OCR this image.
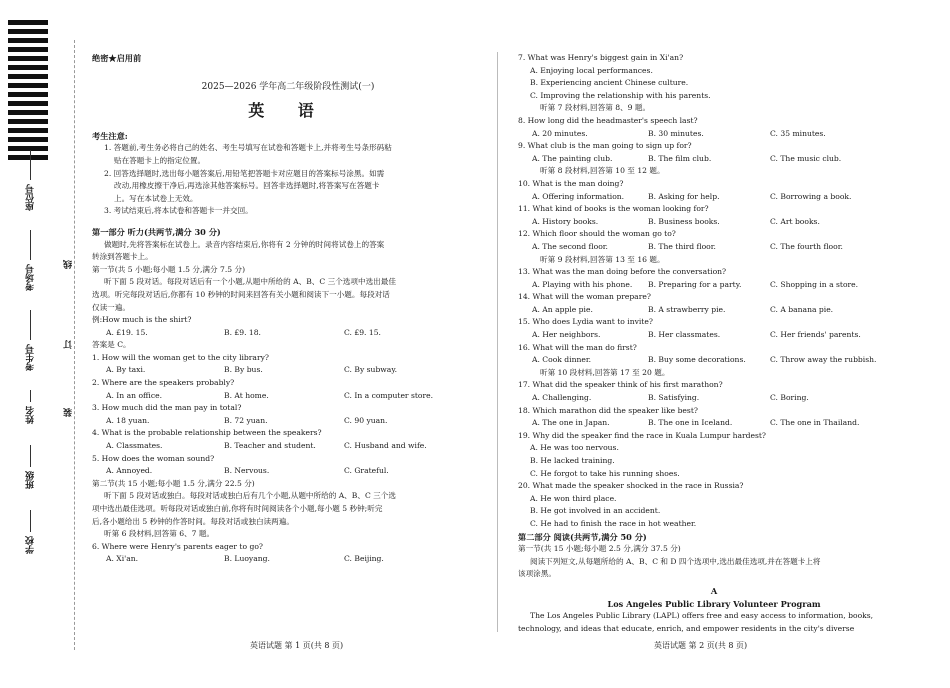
座位号
考场号
考生号
姓名
班级
学校
线
订
装

绝密★启用前

2025—2026 学年高二年级阶段性测试(一)

英 语

考生注意:

1. 答题前,考生务必将自己的姓名、考生号填写在试卷和答题卡上,并将考生号条形码粘

贴在答题卡上的指定位置。

2. 回答选择题时,选出每小题答案后,用铅笔把答题卡对应题目的答案标号涂黑。如需

改动,用橡皮擦干净后,再选涂其他答案标号。回答非选择题时,将答案写在答题卡

上。写在本试卷上无效。

3. 考试结束后,将本试卷和答题卡一并交回。

第一部分 听力(共两节,满分 30 分)

做题时,先将答案标在试卷上。录音内容结束后,你将有 2 分钟的时间将试卷上的答案

转涂到答题卡上。

第一节(共 5 小题;每小题 1.5 分,满分 7.5 分)

听下面 5 段对话。每段对话后有一个小题,从题中所给的 A、B、C 三个选项中选出最佳

选项。听完每段对话后,你都有 10 秒钟的时间来回答有关小题和阅读下一小题。每段对话

仅读一遍。

例:How much is the shirt?

A. £19. 15.	B. £9. 18.	C. £9. 15.

答案是 C。

1. How will the woman get to the city library?

A. By taxi.	B. By bus.	C. By subway.

2. Where are the speakers probably?

A. In an office.	B. At home.	C. In a computer store.

3. How much did the man pay in total?

A. 18 yuan.	B. 72 yuan.	C. 90 yuan.

4. What is the probable relationship between the speakers?

A. Classmates.	B. Teacher and student.	C. Husband and wife.

5. How does the woman sound?

A. Annoyed.	B. Nervous.	C. Grateful.

第二节(共 15 小题;每小题 1.5 分,满分 22.5 分)

听下面 5 段对话或独白。每段对话或独白后有几个小题,从题中所给的 A、B、C 三个选

项中选出最佳选项。听每段对话或独白前,你将有时间阅读各个小题,每小题 5 秒钟;听完

后,各小题给出 5 秒钟的作答时间。每段对话或独白读两遍。

听第 6 段材料,回答第 6、7 题。

6. Where were Henry's parents eager to go?

A. Xi'an.	B. Luoyang.	C. Beijing.
英语试题 第 1 页(共 8 页)

7. What was Henry's biggest gain in Xi'an?

A. Enjoying local performances.

B. Experiencing ancient Chinese culture.

C. Improving the relationship with his parents.

听第 7 段材料,回答第 8、9 题。

8. How long did the headmaster's speech last?

A. 20 minutes.	B. 30 minutes.	C. 35 minutes.

9. What club is the man going to sign up for?

A. The painting club.	B. The film club.	C. The music club.

听第 8 段材料,回答第 10 至 12 题。

10. What is the man doing?

A. Offering information.	B. Asking for help.	C. Borrowing a book.

11. What kind of books is the woman looking for?

A. History books.	B. Business books.	C. Art books.

12. Which floor should the woman go to?

A. The second floor.	B. The third floor.	C. The fourth floor.

听第 9 段材料,回答第 13 至 16 题。

13. What was the man doing before the conversation?

A. Playing with his phone.	B. Preparing for a party.	C. Shopping in a store.

14. What will the woman prepare?

A. An apple pie.	B. A strawberry pie.	C. A banana pie.

15. Who does Lydia want to invite?

A. Her neighbors.	B. Her classmates.	C. Her friends' parents.

16. What will the man do first?

A. Cook dinner.	B. Buy some decorations.	C. Throw away the rubbish.

听第 10 段材料,回答第 17 至 20 题。

17. What did the speaker think of his first marathon?

A. Challenging.	B. Satisfying.	C. Boring.

18. Which marathon did the speaker like best?

A. The one in Japan.	B. The one in Iceland.	C. The one in Thailand.

19. Why did the speaker find the race in Kuala Lumpur hardest?

A. He was too nervous.

B. He lacked training.

C. He forgot to take his running shoes.

20. What made the speaker shocked in the race in Russia?

A. He won third place.

B. He got involved in an accident.

C. He had to finish the race in hot weather.

第二部分 阅读(共两节,满分 50 分)

第一节(共 15 小题;每小题 2.5 分,满分 37.5 分)

阅读下列短文,从每题所给的 A、B、C 和 D 四个选项中,选出最佳选项,并在答题卡上将

该项涂黑。

A

Los Angeles Public Library Volunteer Program

The Los Angeles Public Library (LAPL) offers free and easy access to information, books,

technology, and ideas that educate, enrich, and empower residents in the city's diverse

英语试题 第 2 页(共 8 页)
